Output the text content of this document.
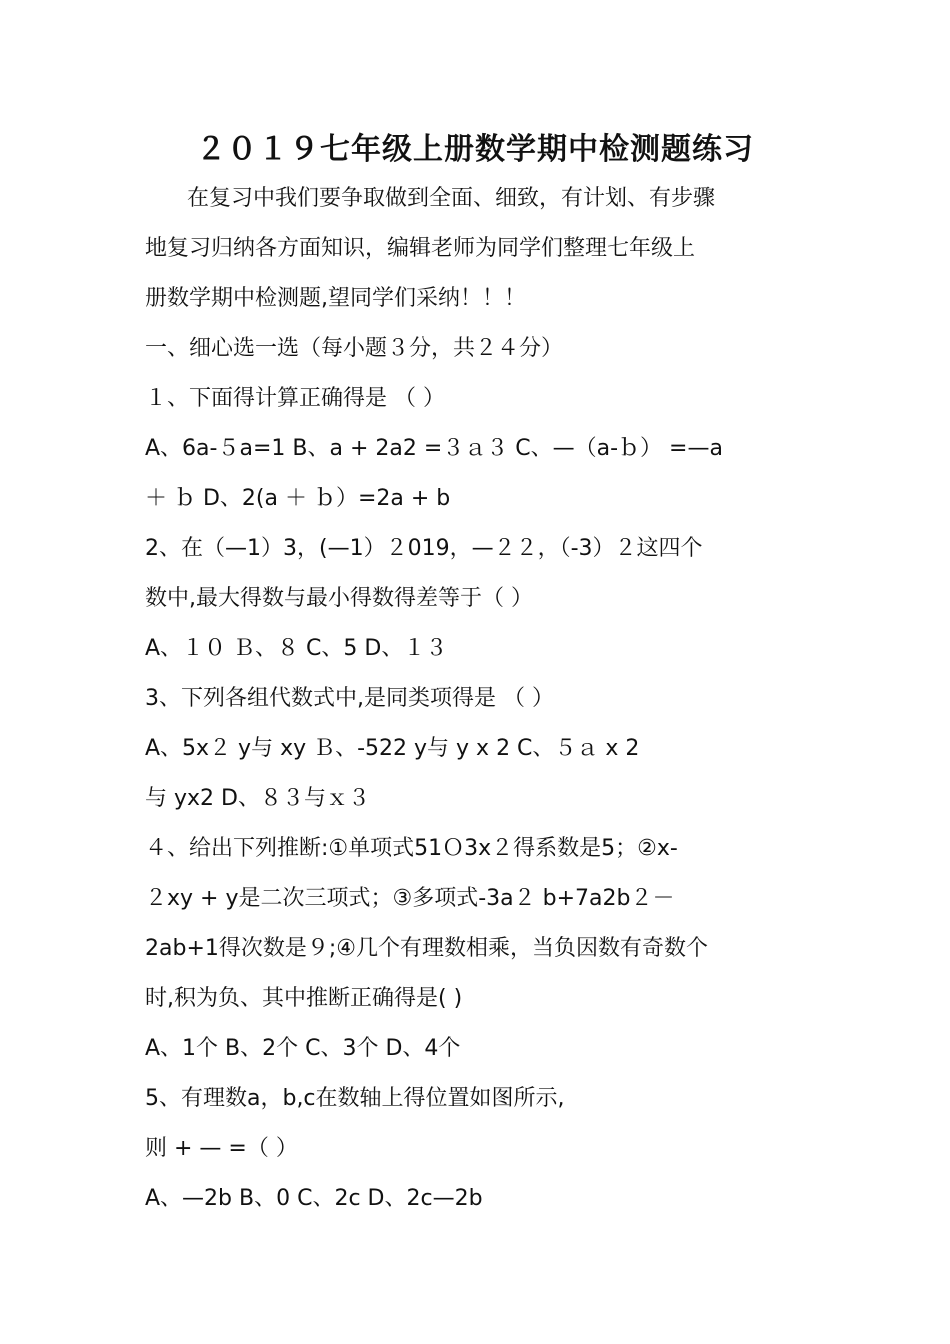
２０１９七年级上册数学期中检测题练习
在复习中我们要争取做到全面、细致，有计划、有步骤
地复习归纳各方面知识，编辑老师为同学们整理七年级上
册数学期中检测题,望同学们采纳！！！
一、细心选一选（每小题３分，共２４分）
１、下面得计算正确得是 （ ）
A、6a-５a=1 B、a + 2a2 =３ａ３ C、—（a-ｂ） =—a
＋ ｂ D、2(a ＋ ｂ）=2a + b
2、在（—1）3，(—1）２019，—２２，（-3）２这四个
数中,最大得数与最小得数得差等于（ ）
A、１０ Ｂ、８ C、5 D、１３
3、下列各组代数式中,是同类项得是 （ ）
A、5x２ y与 xy Ｂ、-522 y与 y x 2 C、５ａ x 2
与 yx2 D、８３与ｘ３
４、给出下列推断:①单项式51Ｏ3x２得系数是5；②x-
２xy + y是二次三项式；③多项式-3a２ b+7a2b２－
2ab+1得次数是９;④几个有理数相乘，当负因数有奇数个
时,积为负、其中推断正确得是( )
A、1个 B、2个 C、3个 D、4个
5、有理数a，b,c在数轴上得位置如图所示,
则 + — =（ ）
A、—2b B、0 C、2c D、2c—2b
